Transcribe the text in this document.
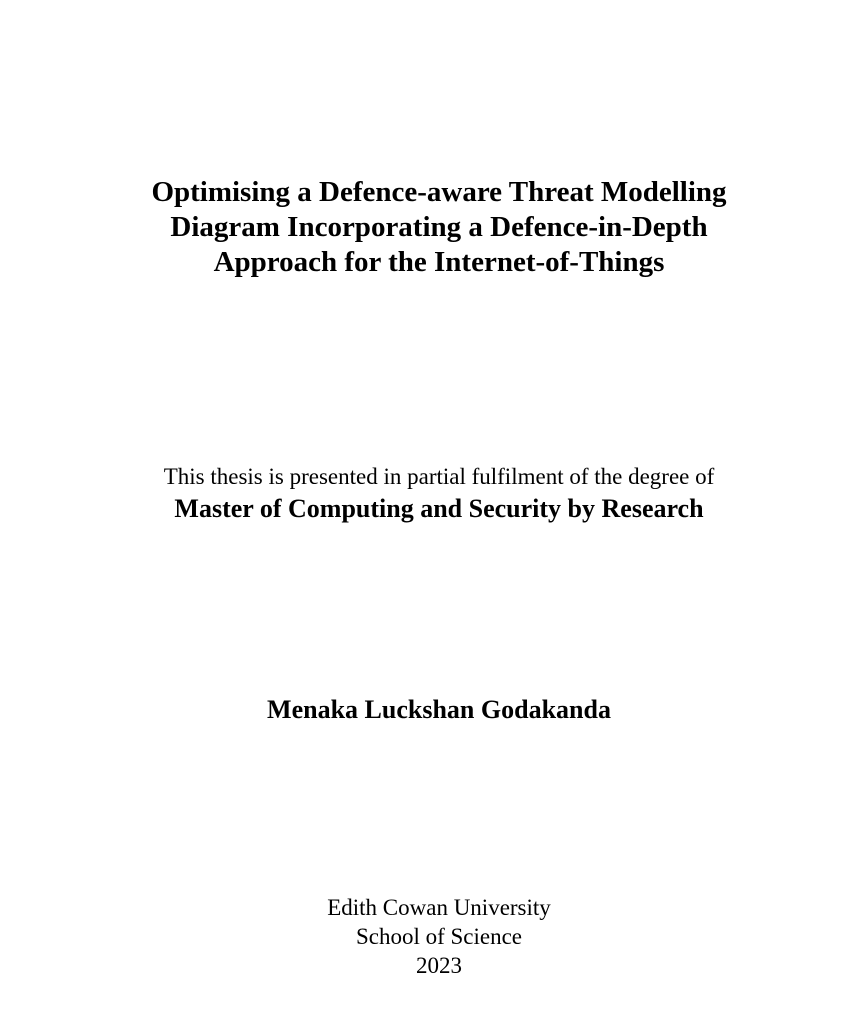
Optimising a Defence-aware Threat Modelling
Diagram Incorporating a Defence-in-Depth
Approach for the Internet-of-Things
This thesis is presented in partial fulfilment of the degree of
Master of Computing and Security by Research
Menaka Luckshan Godakanda
Edith Cowan University
School of Science
2023
